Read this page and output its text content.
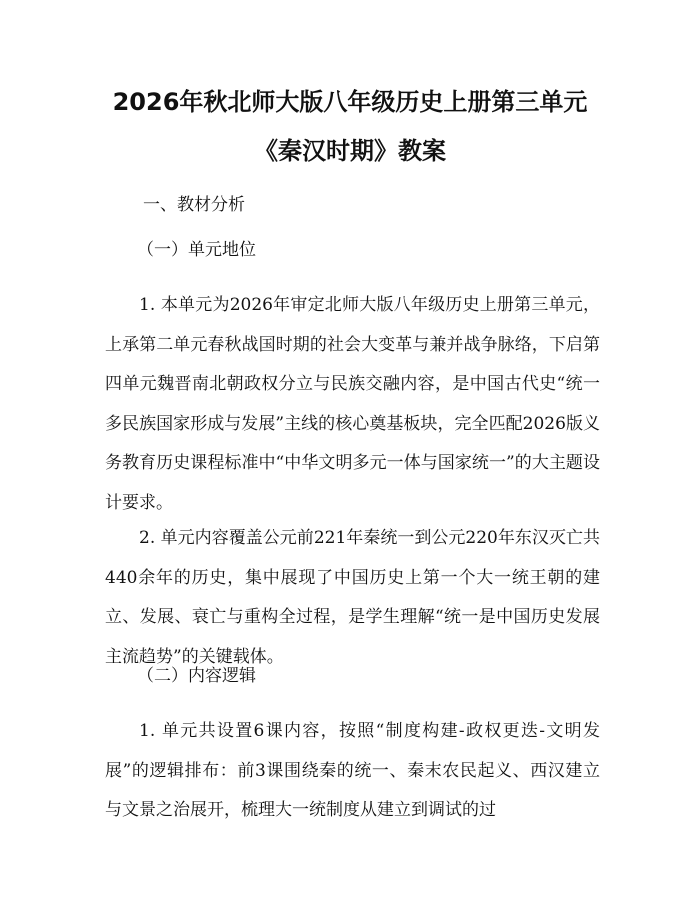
2026年秋北师大版八年级历史上册第三单元
《秦汉时期》教案
一、教材分析
（一）单元地位

1. 本单元为2026年审定北师大版八年级历史上册第三单元，上承第二单元春秋战国时期的社会大变革与兼并战争脉络，下启第四单元魏晋南北朝政权分立与民族交融内容，是中国古代史“统一多民族国家形成与发展”主线的核心奠基板块，完全匹配2026版义务教育历史课程标准中“中华文明多元一体与国家统一”的大主题设计要求。

2. 单元内容覆盖公元前221年秦统一到公元220年东汉灭亡共440余年的历史，集中展现了中国历史上第一个大一统王朝的建立、发展、衰亡与重构全过程，是学生理解“统一是中国历史发展主流趋势”的关键载体。

（二）内容逻辑

1. 单元共设置6课内容，按照“制度构建-政权更迭-文明发展”的逻辑排布：前3课围绕秦的统一、秦末农民起义、西汉建立与文景之治展开，梳理大一统制度从建立到调试的过
